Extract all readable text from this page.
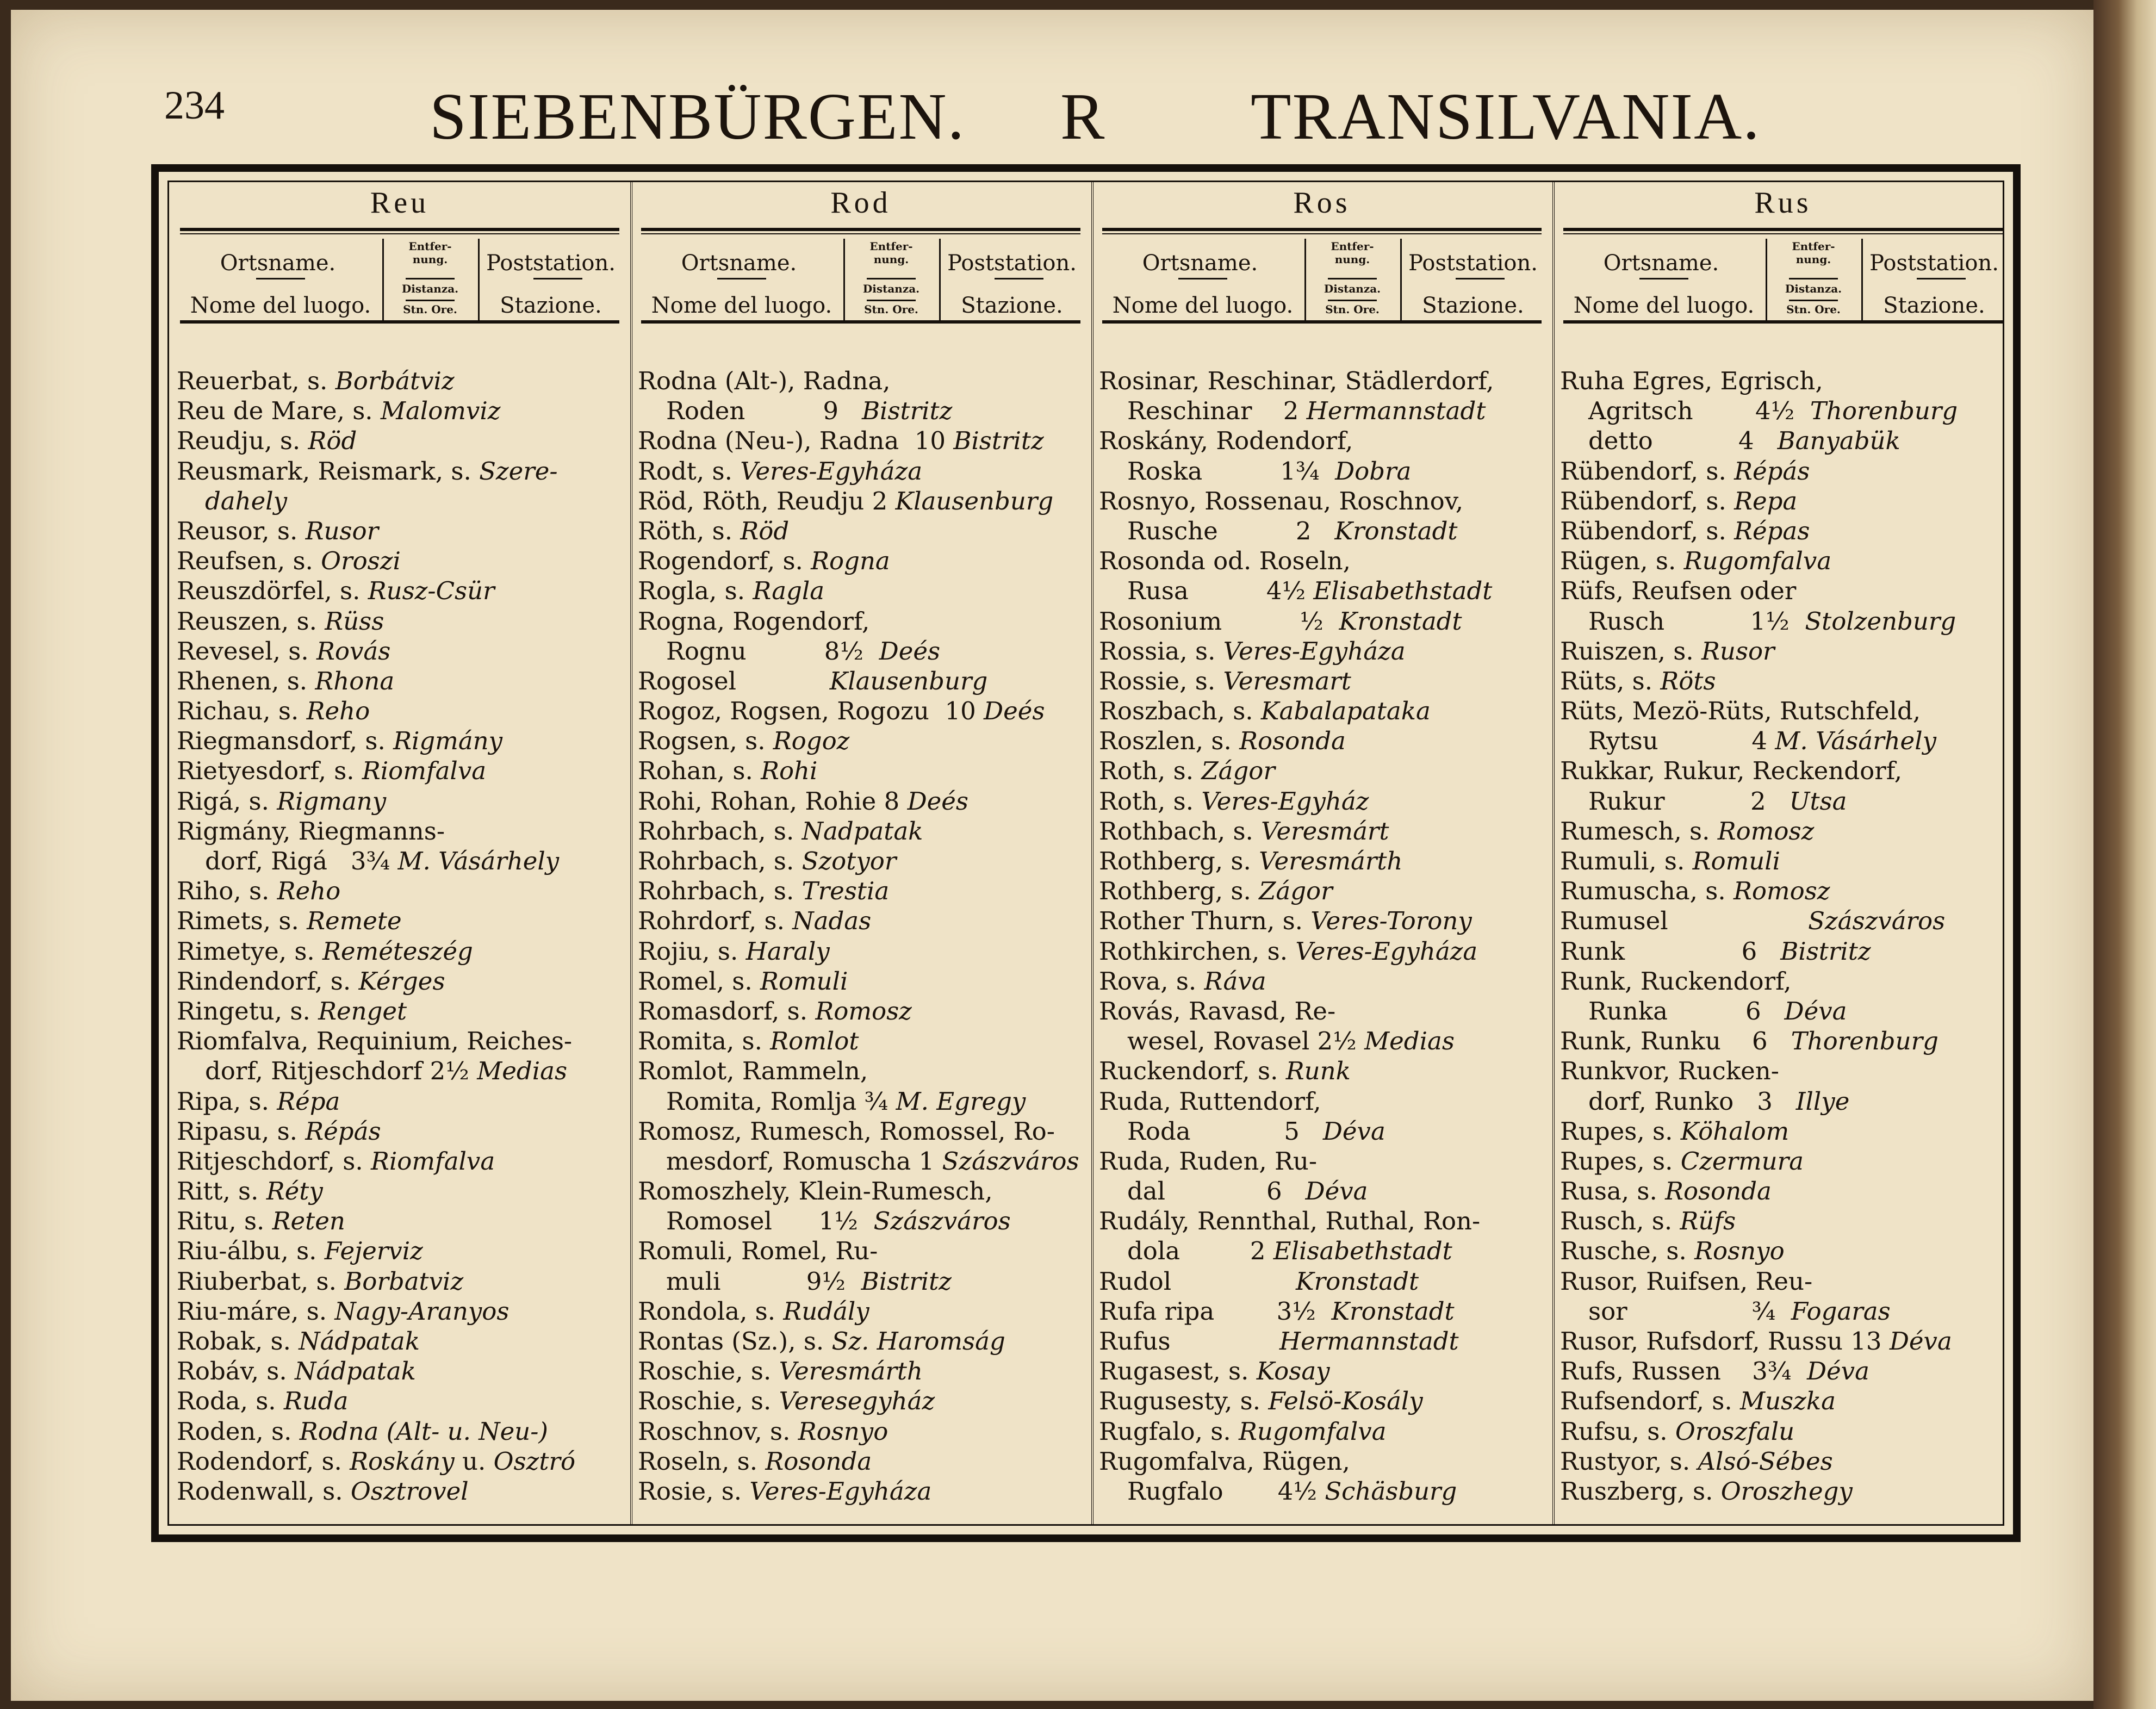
234	SIEBENBÜRGEN. R TRANSILVANIA.
Reu
Ortsname.
Nome del luogo.
Entfer-
nung.
Distanza.
Stn. Ore.
Poststation.
Stazione.
Reuerbat, s. Borbátviz
Reu de Mare, s. Malomviz
Reudju, s. Röd
Reusmark, Reismark, s. Szere-
dahely
Reusor, s. Rusor
Reufsen, s. Oroszi
Reuszdörfel, s. Rusz-Csür
Reuszen, s. Rüss
Revesel, s. Rovás
Rhenen, s. Rhona
Richau, s. Reho
Riegmansdorf, s. Rigmány
Rietyesdorf, s. Riomfalva
Rigá, s. Rigmany
Rigmány, Riegmanns-
dorf, Rigá   3¾ M. Vásárhely
Riho, s. Reho
Rimets, s. Remete
Rimetye, s. Reméteszég
Rindendorf, s. Kérges
Ringetu, s. Renget
Riomfalva, Requinium, Reiches-
dorf, Ritjeschdorf 2½ Medias
Ripa, s. Répa
Ripasu, s. Répás
Ritjeschdorf, s. Riomfalva
Ritt, s. Réty
Ritu, s. Reten
Riu-álbu, s. Fejerviz
Riuberbat, s. Borbatviz
Riu-máre, s. Nagy-Aranyos
Robak, s. Nádpatak
Robáv, s. Nádpatak
Roda, s. Ruda
Roden, s. Rodna (Alt- u. Neu-)
Rodendorf, s. Roskány u. Osztró
Rodenwall, s. Osztrovel
Rod
Ortsname.
Nome del luogo.
Entfer-
nung.
Distanza.
Stn. Ore.
Poststation.
Stazione.
Rodna (Alt-), Radna,
Roden          9   Bistritz
Rodna (Neu-), Radna  10 Bistritz
Rodt, s. Veres-Egyháza
Röd, Röth, Reudju 2 Klausenburg
Röth, s. Röd
Rogendorf, s. Rogna
Rogla, s. Ragla
Rogna, Rogendorf,
Rognu          8½  Deés
Rogosel            Klausenburg
Rogoz, Rogsen, Rogozu  10 Deés
Rogsen, s. Rogoz
Rohan, s. Rohi
Rohi, Rohan, Rohie 8 Deés
Rohrbach, s. Nadpatak
Rohrbach, s. Szotyor
Rohrbach, s. Trestia
Rohrdorf, s. Nadas
Rojiu, s. Haraly
Romel, s. Romuli
Romasdorf, s. Romosz
Romita, s. Romlot
Romlot, Rammeln,
Romita, Romlja ¾ M. Egregy
Romosz, Rumesch, Romossel, Ro-
mesdorf, Romuscha 1 Szászváros
Romoszhely, Klein-Rumesch,
Romosel      1½  Szászváros
Romuli, Romel, Ru-
muli           9½  Bistritz
Rondola, s. Rudály
Rontas (Sz.), s. Sz. Haromság
Roschie, s. Veresmárth
Roschie, s. Veresegyház
Roschnov, s. Rosnyo
Roseln, s. Rosonda
Rosie, s. Veres-Egyháza
Ros
Ortsname.
Nome del luogo.
Entfer-
nung.
Distanza.
Stn. Ore.
Poststation.
Stazione.
Rosinar, Reschinar, Städlerdorf,
Reschinar    2 Hermannstadt
Roskány, Rodendorf,
Roska          1¾  Dobra
Rosnyo, Rossenau, Roschnov,
Rusche          2   Kronstadt
Rosonda od. Roseln,
Rusa          4½ Elisabethstadt
Rosonium          ½  Kronstadt
Rossia, s. Veres-Egyháza
Rossie, s. Veresmart
Roszbach, s. Kabalapataka
Roszlen, s. Rosonda
Roth, s. Zágor
Roth, s. Veres-Egyház
Rothbach, s. Veresmárt
Rothberg, s. Veresmárth
Rothberg, s. Zágor
Rother Thurn, s. Veres-Torony
Rothkirchen, s. Veres-Egyháza
Rova, s. Ráva
Rovás, Ravasd, Re-
wesel, Rovasel 2½ Medias
Ruckendorf, s. Runk
Ruda, Ruttendorf,
Roda            5   Déva
Ruda, Ruden, Ru-
dal             6   Déva
Rudály, Rennthal, Ruthal, Ron-
dola         2 Elisabethstadt
Rudol                Kronstadt
Rufa ripa        3½  Kronstadt
Rufus              Hermannstadt
Rugasest, s. Kosay
Rugusesty, s. Felsö-Kosály
Rugfalo, s. Rugomfalva
Rugomfalva, Rügen,
Rugfalo       4½ Schäsburg
Rus
Ortsname.
Nome del luogo.
Entfer-
nung.
Distanza.
Stn. Ore.
Poststation.
Stazione.
Ruha Egres, Egrisch,
Agritsch        4½  Thorenburg
detto           4   Banyabük
Rübendorf, s. Répás
Rübendorf, s. Repa
Rübendorf, s. Répas
Rügen, s. Rugomfalva
Rüfs, Reufsen oder
Rusch           1½  Stolzenburg
Ruiszen, s. Rusor
Rüts, s. Röts
Rüts, Mezö-Rüts, Rutschfeld,
Rytsu            4 M. Vásárhely
Rukkar, Rukur, Reckendorf,
Rukur           2   Utsa
Rumesch, s. Romosz
Rumuli, s. Romuli
Rumuscha, s. Romosz
Rumusel                  Szászváros
Runk               6   Bistritz
Runk, Ruckendorf,
Runka          6   Déva
Runk, Runku    6   Thorenburg
Runkvor, Rucken-
dorf, Runko   3   Illye
Rupes, s. Köhalom
Rupes, s. Czermura
Rusa, s. Rosonda
Rusch, s. Rüfs
Rusche, s. Rosnyo
Rusor, Ruifsen, Reu-
sor                ¾  Fogaras
Rusor, Rufsdorf, Russu 13 Déva
Rufs, Russen    3¾  Déva
Rufsendorf, s. Muszka
Rufsu, s. Oroszfalu
Rustyor, s. Alsó-Sébes
Ruszberg, s. Oroszhegy
